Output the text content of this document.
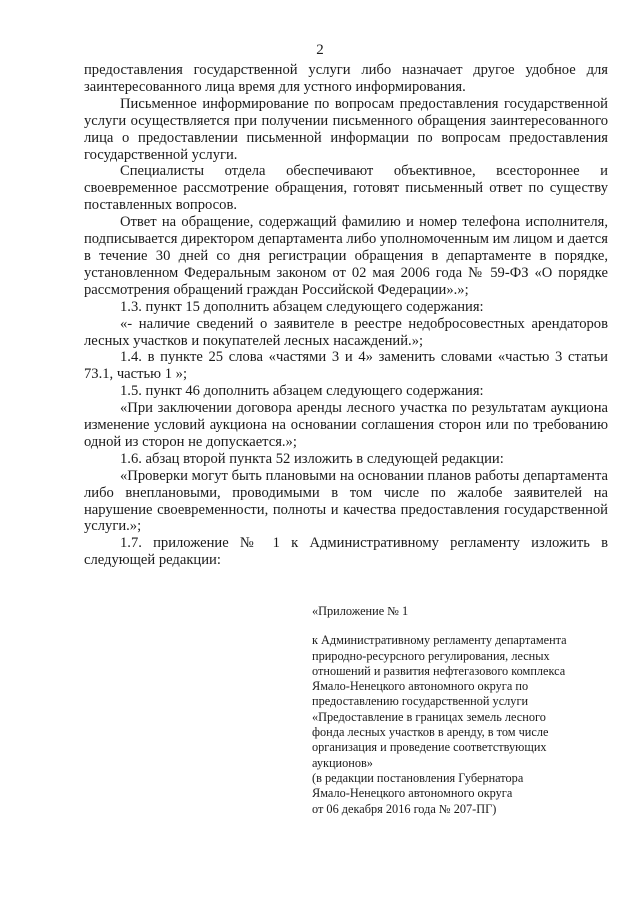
2

предоставления государственной услуги либо назначает другое удобное для заинтересованного лица время для устного информирования.

Письменное информирование по вопросам предоставления государственной услуги осуществляется при получении письменного обращения заинтересованного лица о предоставлении письменной информации по вопросам предоставления государственной услуги.

Специалисты отдела обеспечивают объективное, всестороннее и своевременное рассмотрение обращения, готовят письменный ответ по существу поставленных вопросов.

Ответ на обращение, содержащий фамилию и номер телефона исполнителя, подписывается директором департамента либо уполномоченным им лицом и дается в течение 30 дней со дня регистрации обращения в департаменте в порядке, установленном Федеральным законом от 02 мая 2006 года № 59-ФЗ «О порядке рассмотрения обращений граждан Российской Федерации».»;

1.3. пункт 15 дополнить абзацем следующего содержания:

«- наличие сведений о заявителе в реестре недобросовестных арендаторов лесных участков и покупателей лесных насаждений.»;

1.4. в пункте 25 слова «частями 3 и 4» заменить словами «частью 3 статьи 73.1, частью 1 »;

1.5. пункт 46 дополнить абзацем следующего содержания:

«При заключении договора аренды лесного участка по результатам аукциона изменение условий аукциона на основании соглашения сторон или по требованию одной из сторон не допускается.»;

1.6. абзац второй пункта 52 изложить в следующей редакции:

«Проверки могут быть плановыми на основании планов работы департамента либо внеплановыми, проводимыми в том числе по жалобе заявителей на нарушение своевременности, полноты и качества предоставления государственной услуги.»;

1.7. приложение № 1 к Административному регламенту изложить в следующей редакции:

«Приложение № 1

к Административному регламенту департамента

природно-ресурсного регулирования, лесных

отношений и развития нефтегазового комплекса

Ямало-Ненецкого автономного округа по

предоставлению государственной услуги

«Предоставление в границах земель лесного

фонда лесных участков в аренду, в том числе

организация и проведение соответствующих

аукционов»

(в редакции постановления Губернатора

Ямало-Ненецкого автономного округа

от 06 декабря 2016 года № 207-ПГ)
